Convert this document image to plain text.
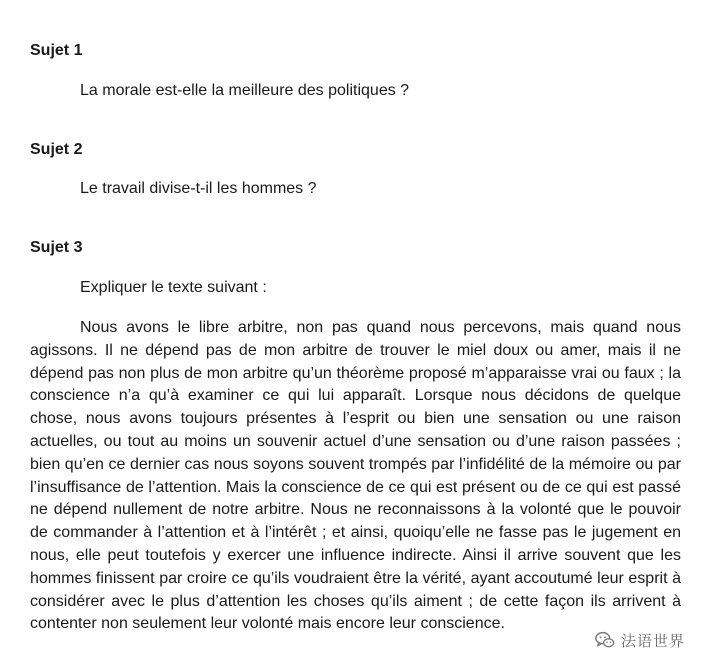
Sujet 1

La morale est-elle la meilleure des politiques ?

Sujet 2

Le travail divise-t-il les hommes ?

Sujet 3

Expliquer le texte suivant :

Nous avons le libre arbitre, non pas quand nous percevons, mais quand nous agissons. Il ne dépend pas de mon arbitre de trouver le miel doux ou amer, mais il ne dépend pas non plus de mon arbitre qu’un théorème proposé m’apparaisse vrai ou faux ; la conscience n’a qu’à examiner ce qui lui apparaît. Lorsque nous décidons de quelque chose, nous avons toujours présentes à l’esprit ou bien une sensation ou une raison actuelles, ou tout au moins un souvenir actuel d’une sensation ou d’une raison passées ; bien qu’en ce dernier cas nous soyons souvent trompés par l’infidélité de la mémoire ou par l’insuffisance de l’attention. Mais la conscience de ce qui est présent ou de ce qui est passé ne dépend nullement de notre arbitre. Nous ne reconnaissons à la volonté que le pouvoir de commander à l’attention et à l’intérêt ; et ainsi, quoiqu’elle ne fasse pas le jugement en nous, elle peut toutefois y exercer une influence indirecte. Ainsi il arrive souvent que les hommes finissent par croire ce qu’ils voudraient être la vérité, ayant accoutumé leur esprit à considérer avec le plus d’attention les choses qu’ils aiment ; de cette façon ils arrivent à contenter non seulement leur volonté mais encore leur conscience.

法语世界
